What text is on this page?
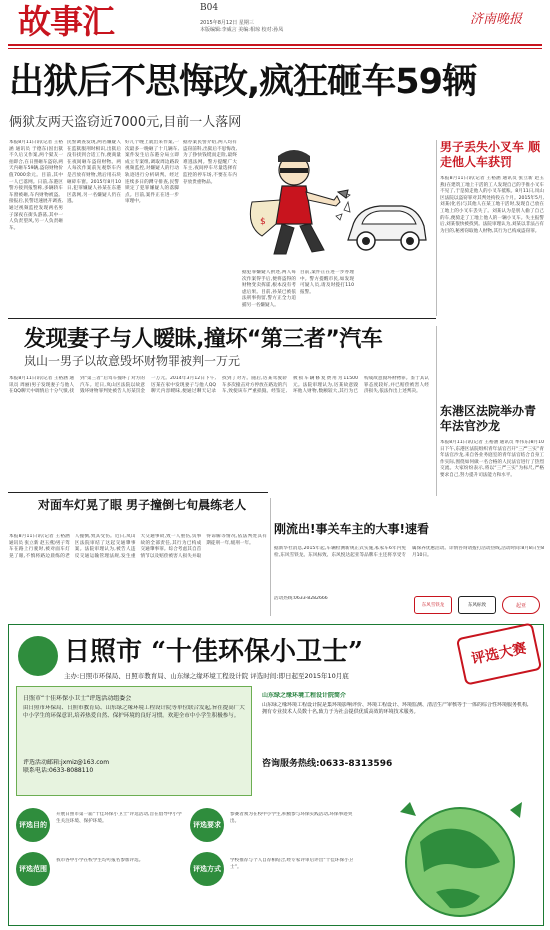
故事汇	B04
2015年8月12日 星期三
本版编辑:李威言 美编:相琼 校对:孙凤
济南晚报
出狱后不思悔改,疯狂砸车59辆
俩狱友两天盗窃近7000元,目前一人落网
本报8月11日讯(记者 王裕涵 通讯员 于德东)因出狱不久后又作案,两个狱友一拍即合,在日照砸车盗窃,两天内砸车59辆,盗窃财物价值7000余元。目前,其中一人已落网。日前,东港区警方接到报警称,多辆轿车车窗被砸,车内财物被盗。接报后,民警迅速展开调查,通过视频监控发现两名男子深夜在街头游荡,其中一人负责望风,另一人负责砸车。
民警调查发现,两名嫌疑人在监狱服刑时相识,出狱后没有找到合适工作,便商量在夜间砸车盗窃财物。两人每次作案前先观察车内是否放有财物,然后用石块砸碎车窗。2015年8月10日,犯罪嫌疑人孙某在东港区落网,另一名嫌疑人仍在逃。
好几个晚上就出来作案,一次最多一晚砸了十几辆车,案件发生后东港分局立即成立专案组,调取周边路段视频监控,对嫌疑人的行动轨迹进行分析研判。经过连续多日的蹲守排查,民警锁定了犯罪嫌疑人的落脚点。目前,案件正在进一步审理中。
据办案民警介绍,两人均有盗窃前科,出狱后不思悔改,为了挣快钱铤而走险,最终难逃法网。警方提醒广大车主,夜间停车尽量选择有监控的停车场,不要在车内存放贵重物品。
$
据犯罪嫌疑人供述,两人每次作案得手后,便将盗得的财物变卖挥霍,根本没有考虑后果。目前,孙某已被依法刑事拘留,警方正全力追捕另一名嫌疑人。
目前,案件正在进一步办理中。警方提醒市民,如发现可疑人员,请及时拨打110报警。
男子丢失小叉车 顺走他人车获罚
本报8月11日讯(记者 王裕涵 通讯员 张立新 赵玉燕)在建筑工地上干活的工人发现自己的手推小叉车不见了,于是骑走他人的小叉车抵账。8月11日,岚山区法院以盗窃罪对其判处拘役五个月。2015年5月,刘某(化名)与其他人在某工地干活时,发现自己放在工地上的小叉车丢失了。刘某认为是别人偷了自己的车,便骑走了工地上他人的一辆小叉车。失主报警后,刘某很快被找到。法院审理认为,刘某以非法占有为目的,秘密窃取他人财物,其行为已构成盗窃罪。
发现妻子与人暧昧,撞坏“第三者”汽车
岚山一男子以故意毁坏财物罪被判一万元
本报8月11日讯(记者 王裕涵 通讯员 周丽)男子发现妻子与他人在QQ聊天中调情后十分气愤,找到“第三者”后驾车撞坏了对方的汽车。近日,岚山区法院以故意毁坏财物罪判处被告人厉某罚金一万元。2014年3月12日下午,厉某在家中发现妻子与他人QQ聊天内容暧昧,便通过聊天记录找到了对方。随后,厉某驾驶轿车多次撞击对方停放在路边的汽车,致使该车严重损毁。经鉴定,被损车辆修复费用为11500元。法院审理认为,厉某故意毁坏他人财物,数额较大,其行为已构成故意毁坏财物罪。鉴于其认罪态度较好,并已赔偿被害人经济损失,依法作出上述判决。
东港区法院举办青年法官沙龙
本报8月11日讯(记者 王裕涵 通讯员 牟伟东)8月10日下午,东港区法院组织青年法官召开“三严三实”青年法官沙龙,来自各业务庭室的青年法官结合自身工作实际,围绕如何做一名合格的人民法官进行了热烈交流。大家纷纷表示,将以“三严三实”为标尺,严格要求自己,努力提升司法能力和水平。
对面车灯晃了眼 男子撞倒七旬晨练老人
本报8月11日讯(记者 王裕涵 通讯员 张立新 赵玉燕)男子驾车在路上行驶时,被对面车灯晃了眼,不慎将路边晨练的老人撞倒,致其受伤。近日,岚山区法院审结了这起交通肇事案。法院审理认为,被告人违反交通运输管理法规,发生重大交通事故,致一人重伤,负事故的全部责任,其行为已构成交通肇事罪。综合考虑其自首情节以及赔偿被害人损失并取得谅解等情况,依法判处其有期徒刑一年,缓刑一年。
刚流出!事关车主的大事!速看
据新华社消息,2015年起,车辆检测新规正式实施,私家车6年内免检,东风雪铁龙、东风标致、东风悦达起亚等品牌车主还将享受专属保养优惠活动。详情咨询请拨打活动热线,活动时间:8月8日至8月10日。
活动热线:0633-8282666
东风雪铁龙	东风标致	起亚
日照市 “十佳环保小卫士”	评选大赛
主办:日照市环保局、日照市教育局、山东绿之缘环境工程设计院 评选时间:即日起至2015年10月底
日照市“十佳环保小卫士”评选活动组委会
由日照市环保局、日照市教育局、山东绿之缘环境工程设计院等单位联合发起,旨在提高广大中小学生的环保意识,培养热爱自然、保护环境的良好习惯。欢迎全市中小学生积极参与。
评选活动邮箱:jxmiz@163.com
联系电话:0633-8088110
山东绿之缘环境工程设计院简介
山东绿之缘环境工程设计院是集环境影响评价、环境工程设计、环境监测、清洁生产审核等于一体的综合性环境服务机构,拥有专业技术人员数十名,致力于为社会提供优质高效的环境技术服务。
咨询服务热线:0633-8313596
评选目的
开展日照市第一届“十佳环保小卫士”评选活动,旨在倡导中小学生关注环境、保护环境。	评选要求
参赛者须为在校中小学生,积极参与环保实践活动,环保事迹突出。
评选范围
我市各中小学在校学生均可报名参加评选。
评选方式
学校推荐与个人自荐相结合,经专家评审后评出“十佳环保小卫士”。
